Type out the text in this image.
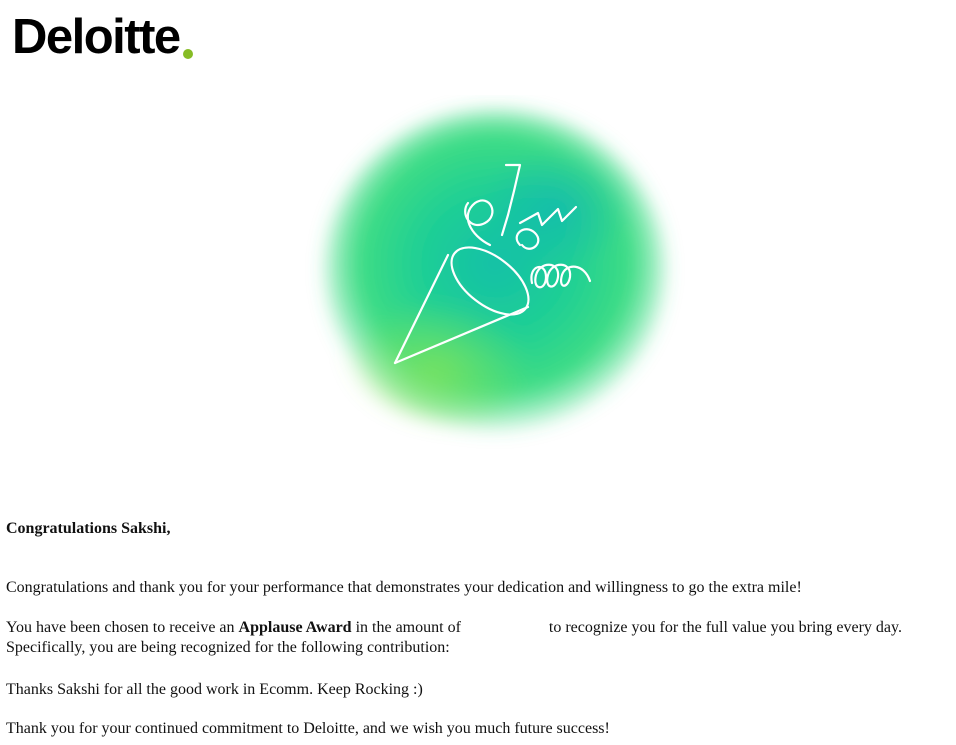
Deloitte
Congratulations Sakshi,
Congratulations and thank you for your performance that demonstrates your dedication and willingness to go the extra mile!
You have been chosen to receive an Applause Award in the amount of	to recognize you for the full value you bring every day.
Specifically, you are being recognized for the following contribution:
Thanks Sakshi for all the good work in Ecomm. Keep Rocking :)
Thank you for your continued commitment to Deloitte, and we wish you much future success!
